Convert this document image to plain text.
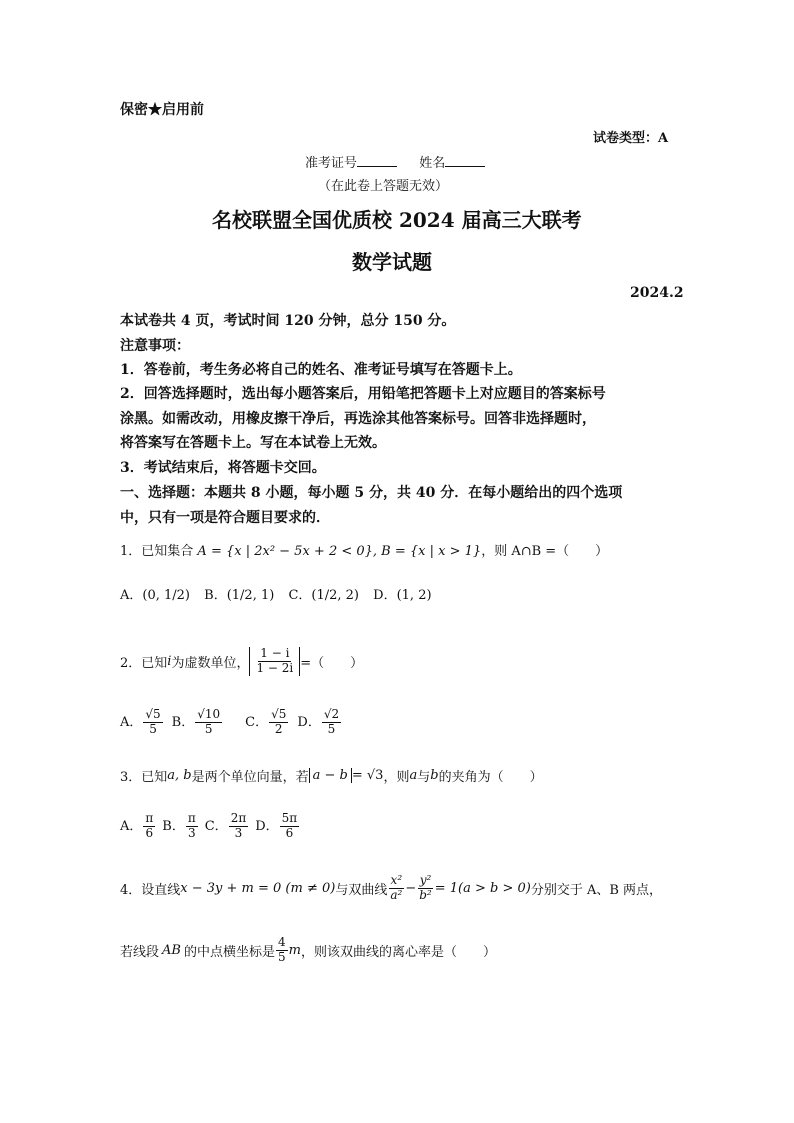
保密★启用前
试卷类型：A
准考证号	姓名
（在此卷上答题无效）
名校联盟全国优质校 2024 届高三大联考
数学试题
2024.2
本试卷共 4 页，考试时间 120 分钟，总分 150 分。
注意事项：
1．答卷前，考生务必将自己的姓名、准考证号填写在答题卡上。
2．回答选择题时，选出每小题答案后，用铅笔把答题卡上对应题目的答案标号
涂黑。如需改动，用橡皮擦干净后，再选涂其他答案标号。回答非选择题时，
将答案写在答题卡上。写在本试卷上无效。
3．考试结束后，将答题卡交回。
一、选择题：本题共 8 小题，每小题 5 分，共 40 分．在每小题给出的四个选项
中，只有一项是符合题目要求的．
1．已知集合 A = {x | 2x² − 5x + 2 < 0}, B = {x | x > 1}，则 A∩B =（　　）
A．(0, 1/2) B．(1/2, 1) C．(1/2, 2) D．(1, 2)
2．已知 i 为虚数单位， $\frac{1 - i}{1 - 2i}$ =（　　）
A． $\frac{√5}{5}$ B． $\frac{√10}{5}$ C． $\frac{√5}{2}$ D． $\frac{√2}{5}$
3．已知 a, b 是两个单位向量，若 a − b = √3 ，则 a 与 b 的夹角为（　　）
A． $\frac{\pi}{6}$ B． $\frac{\pi}{3}$ C． $\frac{2\pi}{3}$ D． $\frac{5\pi}{6}$
4．设直线 x − 3y + m = 0 (m ≠ 0) 与双曲线 $\frac{\text{x²}}{\text{a²}} - \frac{\text{y²}}{\text{b²}} = 1(a > b > 0)$ 分别交于 A、B 两点，
若线段 AB 的中点横坐标是 $\frac{4}{5}$ m ，则该双曲线的离心率是（　　）
